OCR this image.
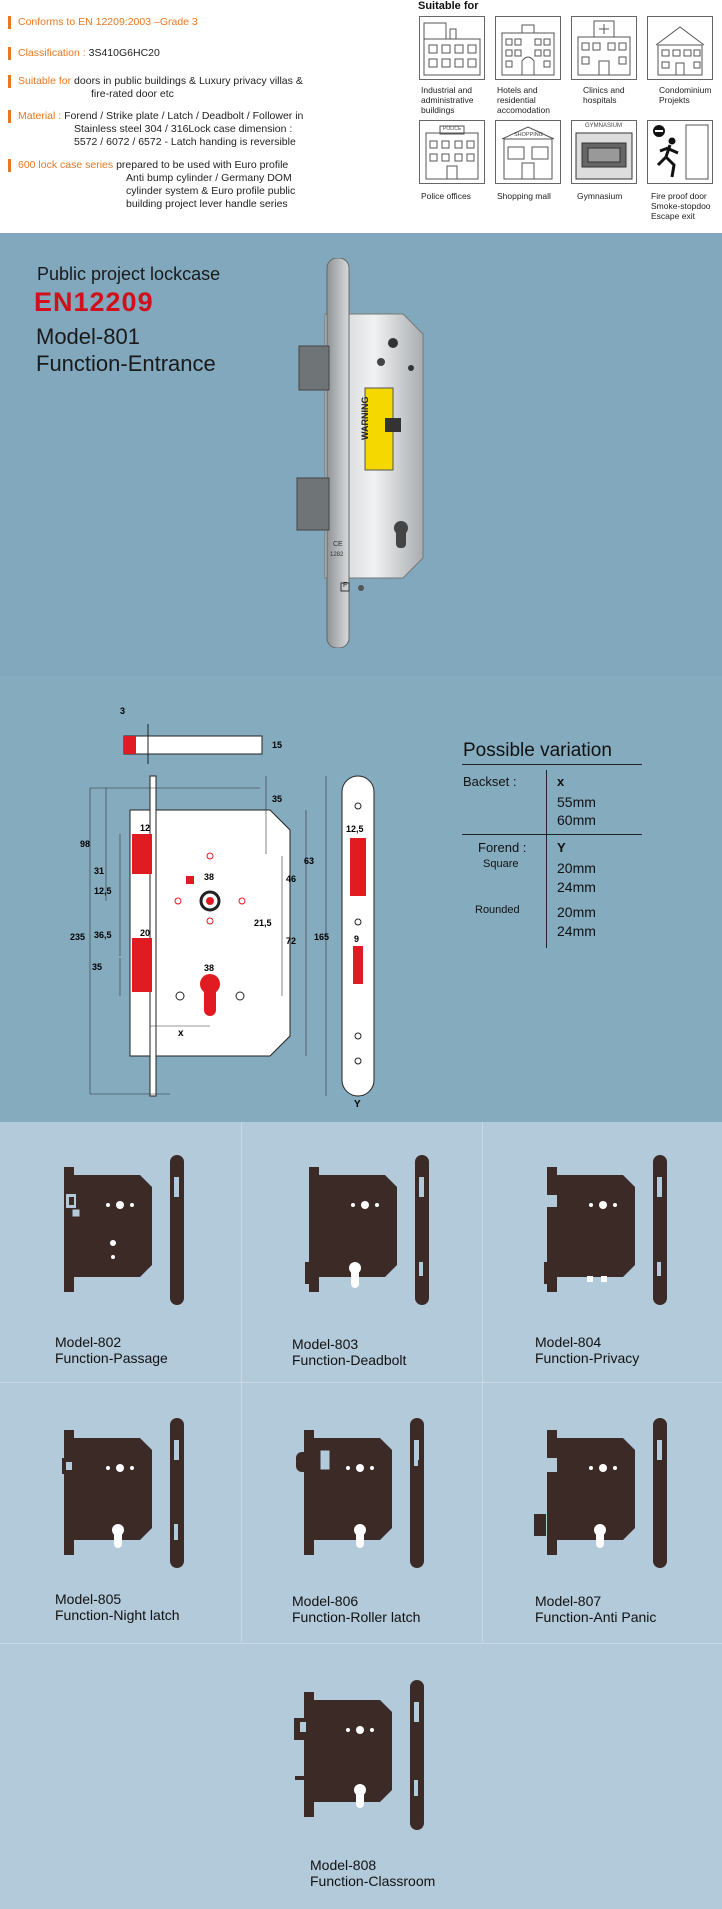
Conforms to EN 12209:2003 –Grade 3
Classification : 3S410G6HC20
Suitable for doors in public buildings & Luxury privacy villas &
fire-rated door etc
Material : Forend / Strike plate / Latch / Deadbolt / Follower in
Stainless steel 304 / 316Lock case dimension :
5572 / 6072 / 6572 - Latch handing is reversible
600 lock case series prepared to be used with Euro profile
Anti bump cylinder / Germany DOM
cylinder system & Euro profile public
building project lever handle series
Suitable for
POLICE
SHOPPING
GYMNASIUM
Industrial and
administrative
buildings
Hotels and
residential
accomodation
Clinics and
hospitals
Condominium
Projekts
Police offices	Shopping mall	Gymnasium	Fire proof door
Smoke-stopdoo
Escape exit
Public project lockcase
EN12209
Model-801
Function-Entrance
WARNING
CE
1282
F
3
15
35
98
12
31
12,5
38	46
63
235 36,5	20
21,5
165
72
35	38
x
12,5
9
Y
Possible variation
Backset :	x
55mm
60mm
Forend : Y
Square	20mm
24mm
Rounded	20mm
24mm
Model-802
Function-Passage
Model-803
Function-Deadbolt
Model-804
Function-Privacy
Model-805
Function-Night latch
Model-806
Function-Roller latch
Model-807
Function-Anti Panic
Model-808
Function-Classroom
